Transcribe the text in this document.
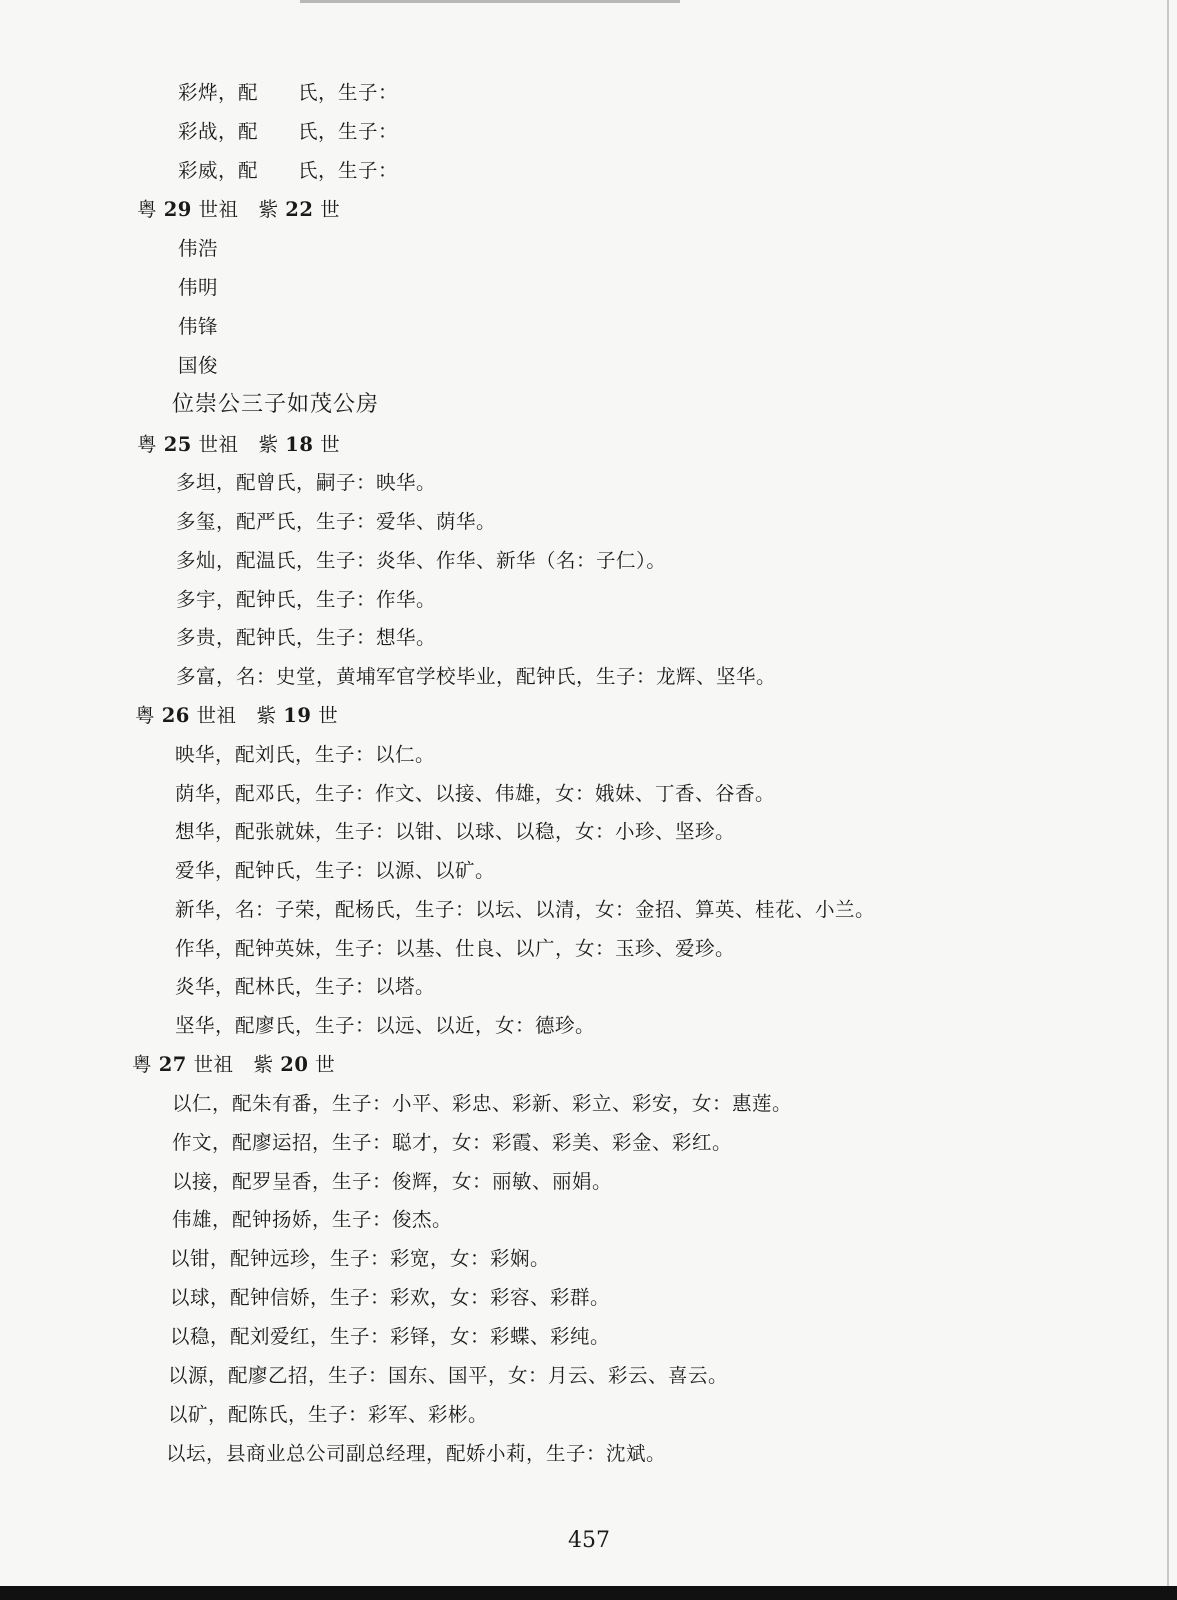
彩烨，配　　氏，生子：
彩战，配　　氏，生子：
彩威，配　　氏，生子：
粤 29 世祖　紫 22 世
伟浩
伟明
伟锋
国俊
位崇公三子如茂公房
粤 25 世祖　紫 18 世
多坦，配曾氏，嗣子：映华。
多玺，配严氏，生子：爱华、荫华。
多灿，配温氏，生子：炎华、作华、新华（名：子仁）。
多宇，配钟氏，生子：作华。
多贵，配钟氏，生子：想华。
多富，名：史堂，黄埔军官学校毕业，配钟氏，生子：龙辉、坚华。
粤 26 世祖　紫 19 世
映华，配刘氏，生子：以仁。
荫华，配邓氏，生子：作文、以接、伟雄，女：娥妹、丁香、谷香。
想华，配张就妹，生子：以钳、以球、以稳，女：小珍、坚珍。
爱华，配钟氏，生子：以源、以矿。
新华，名：子荣，配杨氏，生子：以坛、以清，女：金招、算英、桂花、小兰。
作华，配钟英妹，生子：以基、仕良、以广，女：玉珍、爱珍。
炎华，配林氏，生子：以塔。
坚华，配廖氏，生子：以远、以近，女：德珍。
粤 27 世祖　紫 20 世
以仁，配朱有番，生子：小平、彩忠、彩新、彩立、彩安，女：惠莲。
作文，配廖运招，生子：聪才，女：彩霞、彩美、彩金、彩红。
以接，配罗呈香，生子：俊辉，女：丽敏、丽娟。
伟雄，配钟扬娇，生子：俊杰。
以钳，配钟远珍，生子：彩宽，女：彩娴。
以球，配钟信娇，生子：彩欢，女：彩容、彩群。
以稳，配刘爱红，生子：彩铎，女：彩蝶、彩纯。
以源，配廖乙招，生子：国东、国平，女：月云、彩云、喜云。
以矿，配陈氏，生子：彩军、彩彬。
以坛，县商业总公司副总经理，配娇小莉，生子：沈斌。
457
